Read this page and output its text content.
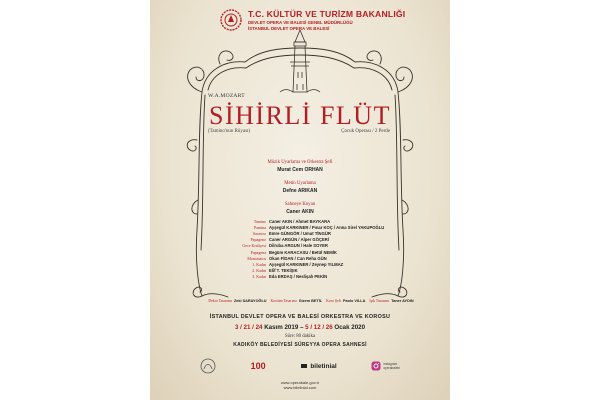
T.C. KÜLTÜR VE TURİZM BAKANLIĞI
DEVLET OPERA VE BALESİ GENEL MÜDÜRLÜĞÜ
İSTANBUL DEVLET OPERA VE BALESİ
W.A.MOZART
SİHİRLİ FLÜT
(Tamino'nun Rüyası)	Çocuk Operası / 2 Perde
Müzik Uyarlama ve Orkestra Şefi
Murat Cem ORHAN
Metin Uyarlama
Defne ARIKAN
Sahneye Koyan
Caner AKIN
Tamino Caner AKIN / Ahmet BAYKARA
Pamina Ayşegül KARKINER / Pınar KOÇ / Anna Sirel YAKUPOĞLU
Sarastro Emre GÜNGÖR / Umut TİNGÜR
Papageno Caner ARGÜN / Alper GÖÇERİ
Gece Kraliçesi Dilruba ARGUN / Hale SOYER
Papagena Begüm KARACASU / Betül NEMİK
Monostatos Okan FİDAN / Can Reha GÜN
1. Kadın Ayşegül KARKINER / Zeynep YILMAZ
2. Kadın Elif T. TEKİŞIK
3. Kadın Eda ERDAŞ / Neslişah PEKİN
Dekor Tasarımı Zeki SARAYOĞLU Kostüm Tasarımı Gizem BETİL Koro Şefi Paolo VILLA Işık Tasarımı Taner AYDIN
İSTANBUL DEVLET OPERA VE BALESİ ORKESTRA VE KOROSU
3 / 21 / 24 Kasım 2019 – 5 / 12 / 26 Ocak 2020
Süre: 80 dakika
KADIKÖY BELEDİYESİ SÜREYYA OPERA SAHNESİ
100	biletinial	instagram
operabalebi
www.operabale.gov.tr
www.biletinial.com
